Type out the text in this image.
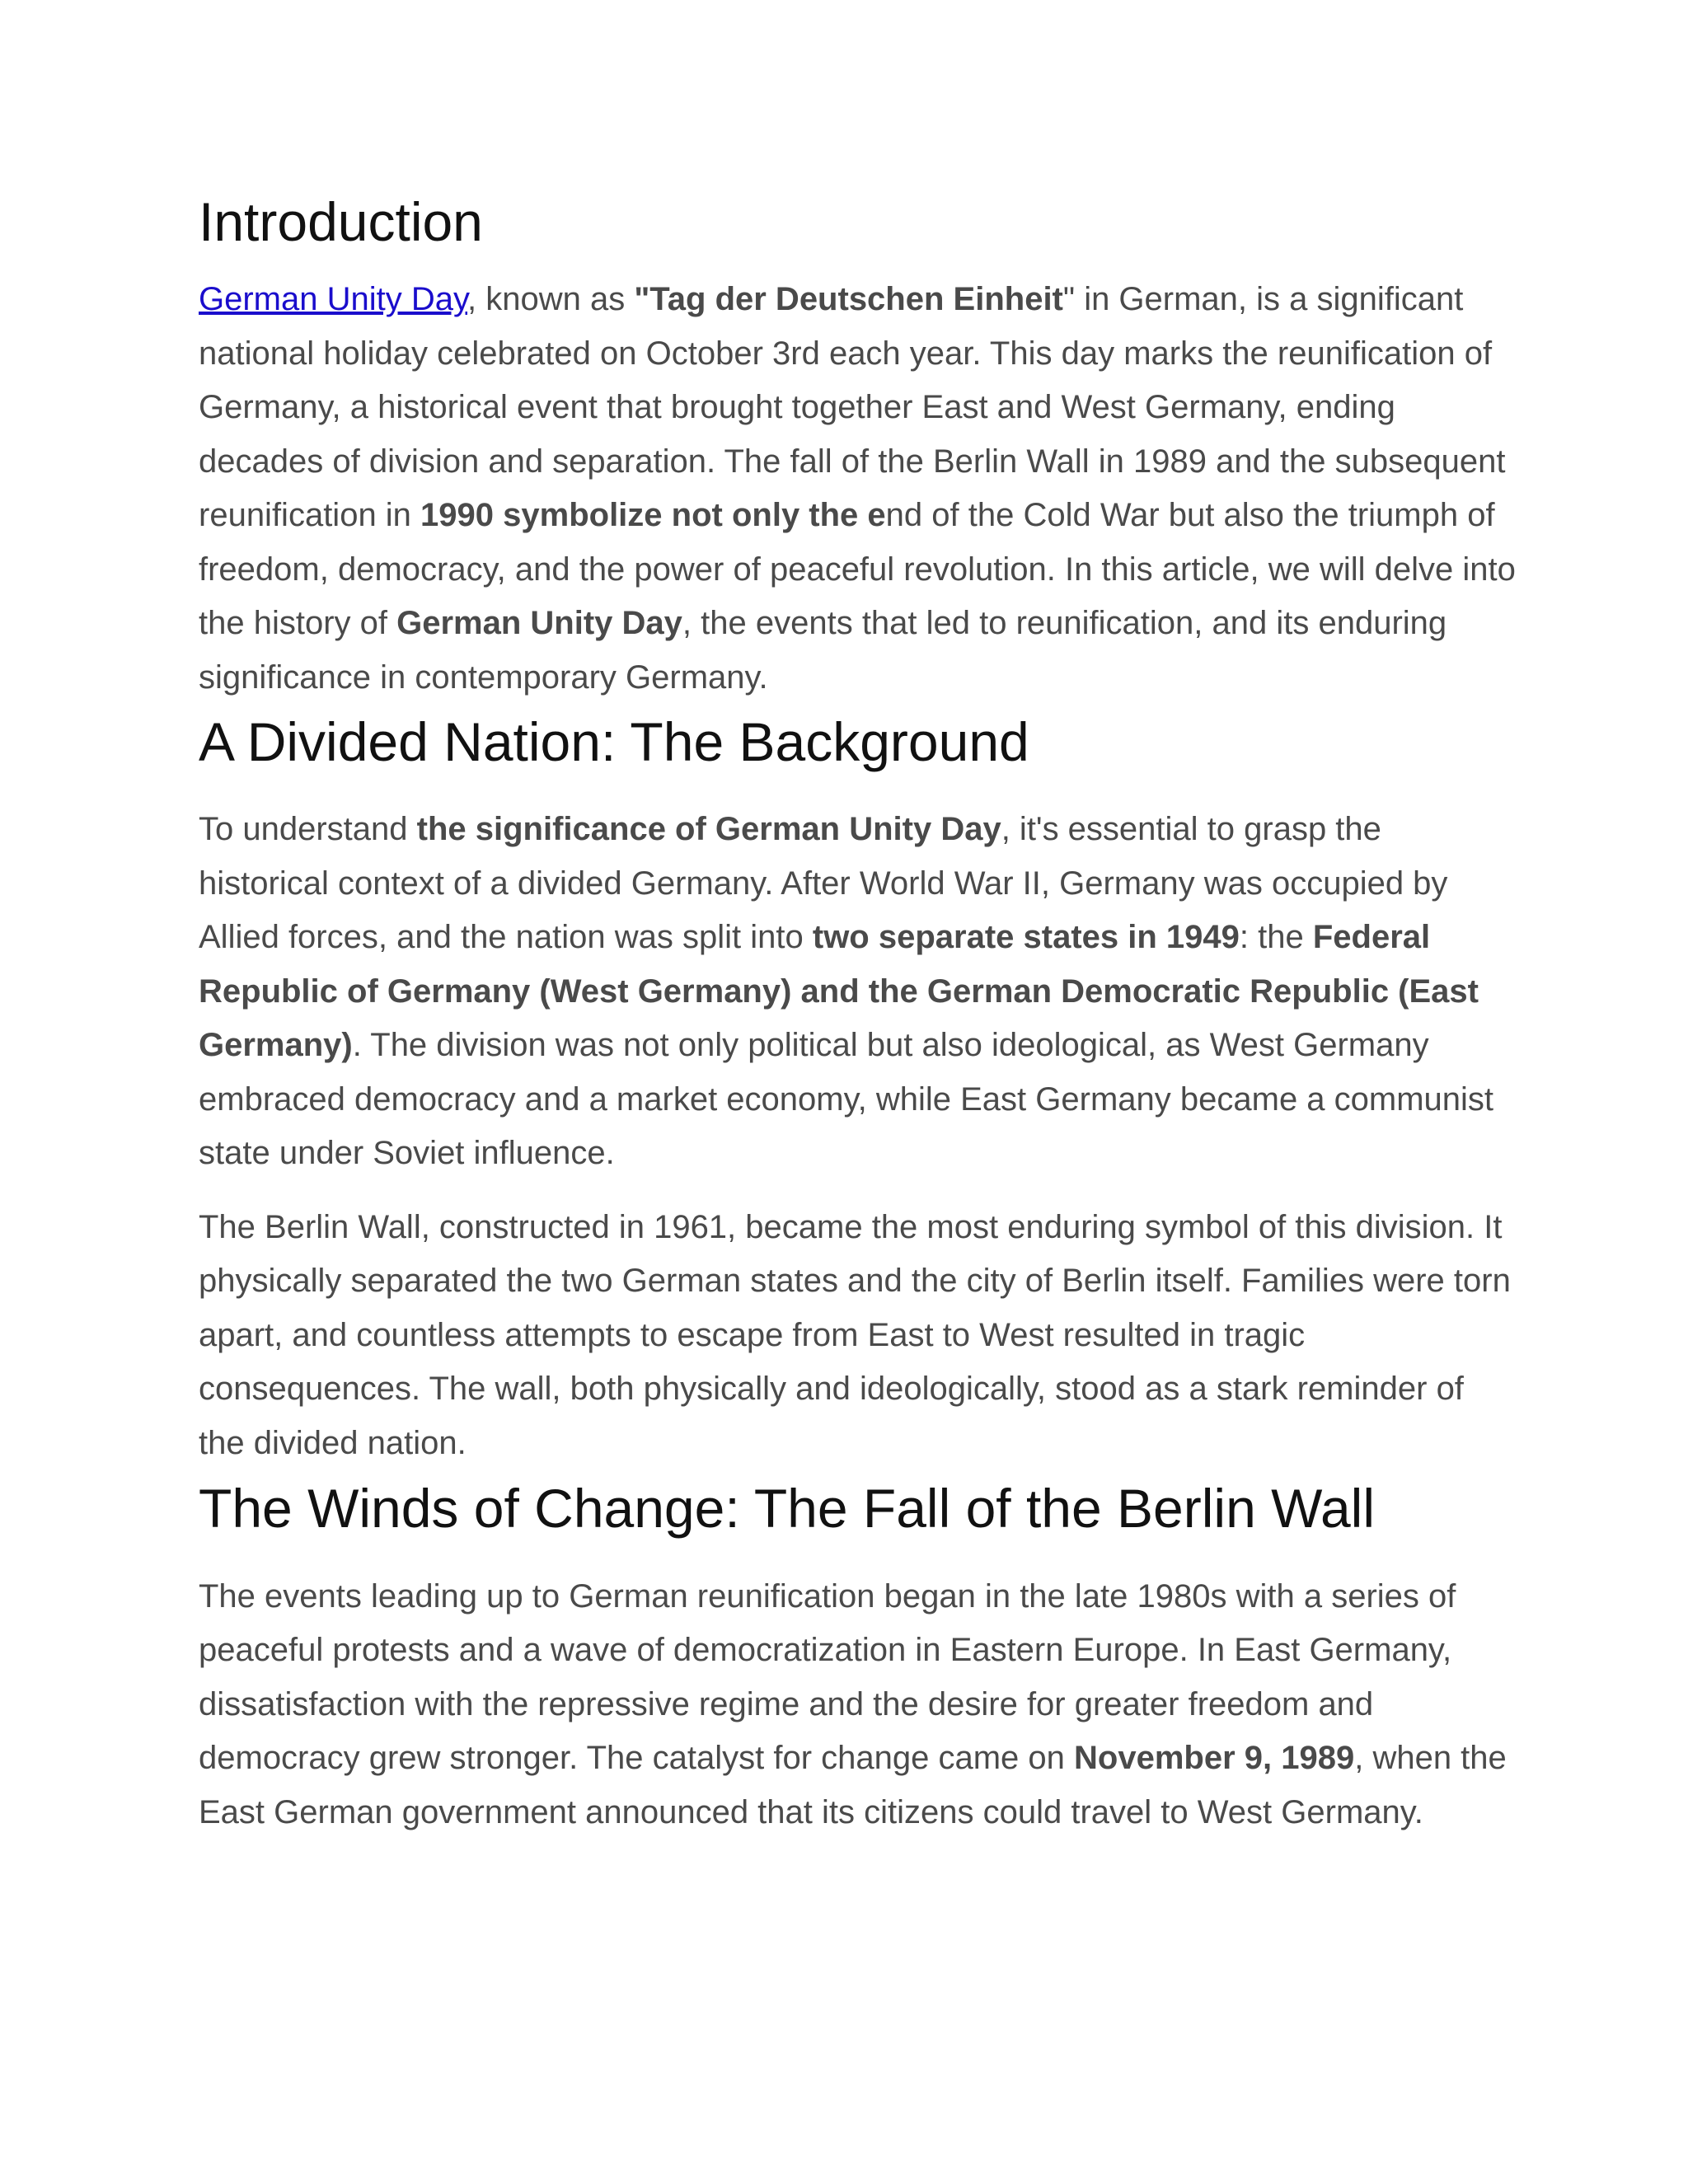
Introduction

German Unity Day, known as "Tag der Deutschen Einheit" in German, is a significant national holiday celebrated on October 3rd each year. This day marks the reunification of Germany, a historical event that brought together East and West Germany, ending decades of division and separation. The fall of the Berlin Wall in 1989 and the subsequent reunification in 1990 symbolize not only the end of the Cold War but also the triumph of freedom, democracy, and the power of peaceful revolution. In this article, we will delve into the history of German Unity Day, the events that led to reunification, and its enduring significance in contemporary Germany.

A Divided Nation: The Background

To understand the significance of German Unity Day, it's essential to grasp the historical context of a divided Germany. After World War II, Germany was occupied by Allied forces, and the nation was split into two separate states in 1949: the Federal Republic of Germany (West Germany) and the German Democratic Republic (East Germany). The division was not only political but also ideological, as West Germany embraced democracy and a market economy, while East Germany became a communist state under Soviet influence.

The Berlin Wall, constructed in 1961, became the most enduring symbol of this division. It physically separated the two German states and the city of Berlin itself. Families were torn apart, and countless attempts to escape from East to West resulted in tragic consequences. The wall, both physically and ideologically, stood as a stark reminder of the divided nation.

The Winds of Change: The Fall of the Berlin Wall

The events leading up to German reunification began in the late 1980s with a series of peaceful protests and a wave of democratization in Eastern Europe. In East Germany, dissatisfaction with the repressive regime and the desire for greater freedom and democracy grew stronger. The catalyst for change came on November 9, 1989, when the East German government announced that its citizens could travel to West Germany.
